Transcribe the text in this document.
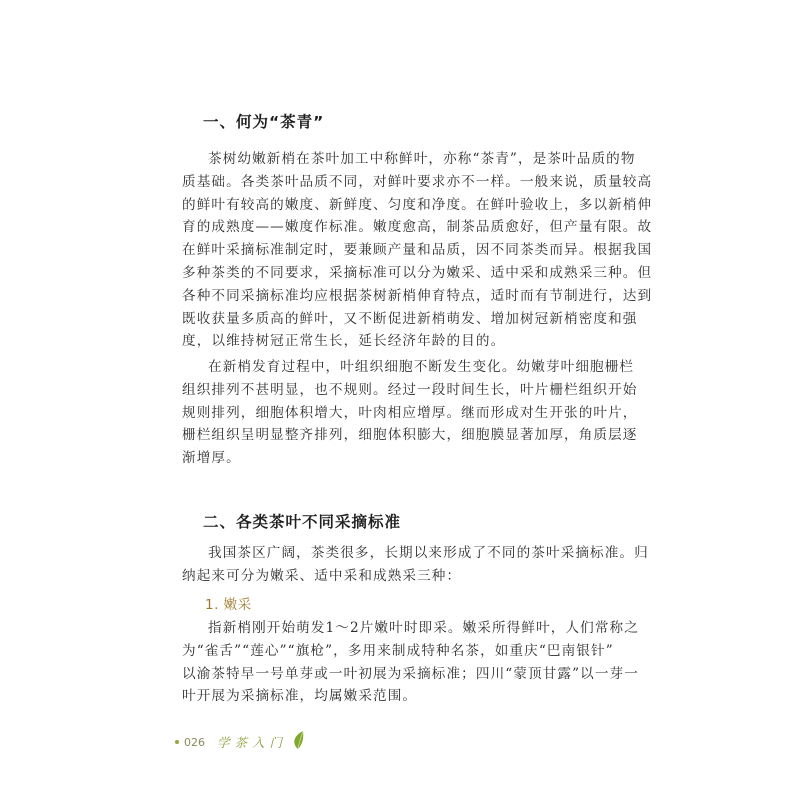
一、何为“茶青”
茶树幼嫩新梢在茶叶加工中称鲜叶，亦称“茶青”，是茶叶品质的物
质基础。各类茶叶品质不同，对鲜叶要求亦不一样。一般来说，质量较高
的鲜叶有较高的嫩度、新鲜度、匀度和净度。在鲜叶验收上，多以新梢伸
育的成熟度——嫩度作标准。嫩度愈高，制茶品质愈好，但产量有限。故
在鲜叶采摘标准制定时，要兼顾产量和品质，因不同茶类而异。根据我国
多种茶类的不同要求，采摘标准可以分为嫩采、适中采和成熟采三种。但
各种不同采摘标准均应根据茶树新梢伸育特点，适时而有节制进行，达到
既收获量多质高的鲜叶，又不断促进新梢萌发、增加树冠新梢密度和强
度，以维持树冠正常生长，延长经济年龄的目的。
在新梢发育过程中，叶组织细胞不断发生变化。幼嫩芽叶细胞栅栏
组织排列不甚明显，也不规则。经过一段时间生长，叶片栅栏组织开始
规则排列，细胞体积增大，叶肉相应增厚。继而形成对生开张的叶片，
栅栏组织呈明显整齐排列，细胞体积膨大，细胞膜显著加厚，角质层逐
渐增厚。
二、各类茶叶不同采摘标准
我国茶区广阔，茶类很多，长期以来形成了不同的茶叶采摘标准。归
纳起来可分为嫩采、适中采和成熟采三种：
1. 嫩采
指新梢刚开始萌发1～2片嫩叶时即采。嫩采所得鲜叶，人们常称之
为“雀舌”“莲心”“旗枪”，多用来制成特种名茶，如重庆“巴南银针”
以渝茶特早一号单芽或一叶初展为采摘标准；四川“蒙顶甘露”以一芽一
叶开展为采摘标准，均属嫩采范围。
026 学茶入门
